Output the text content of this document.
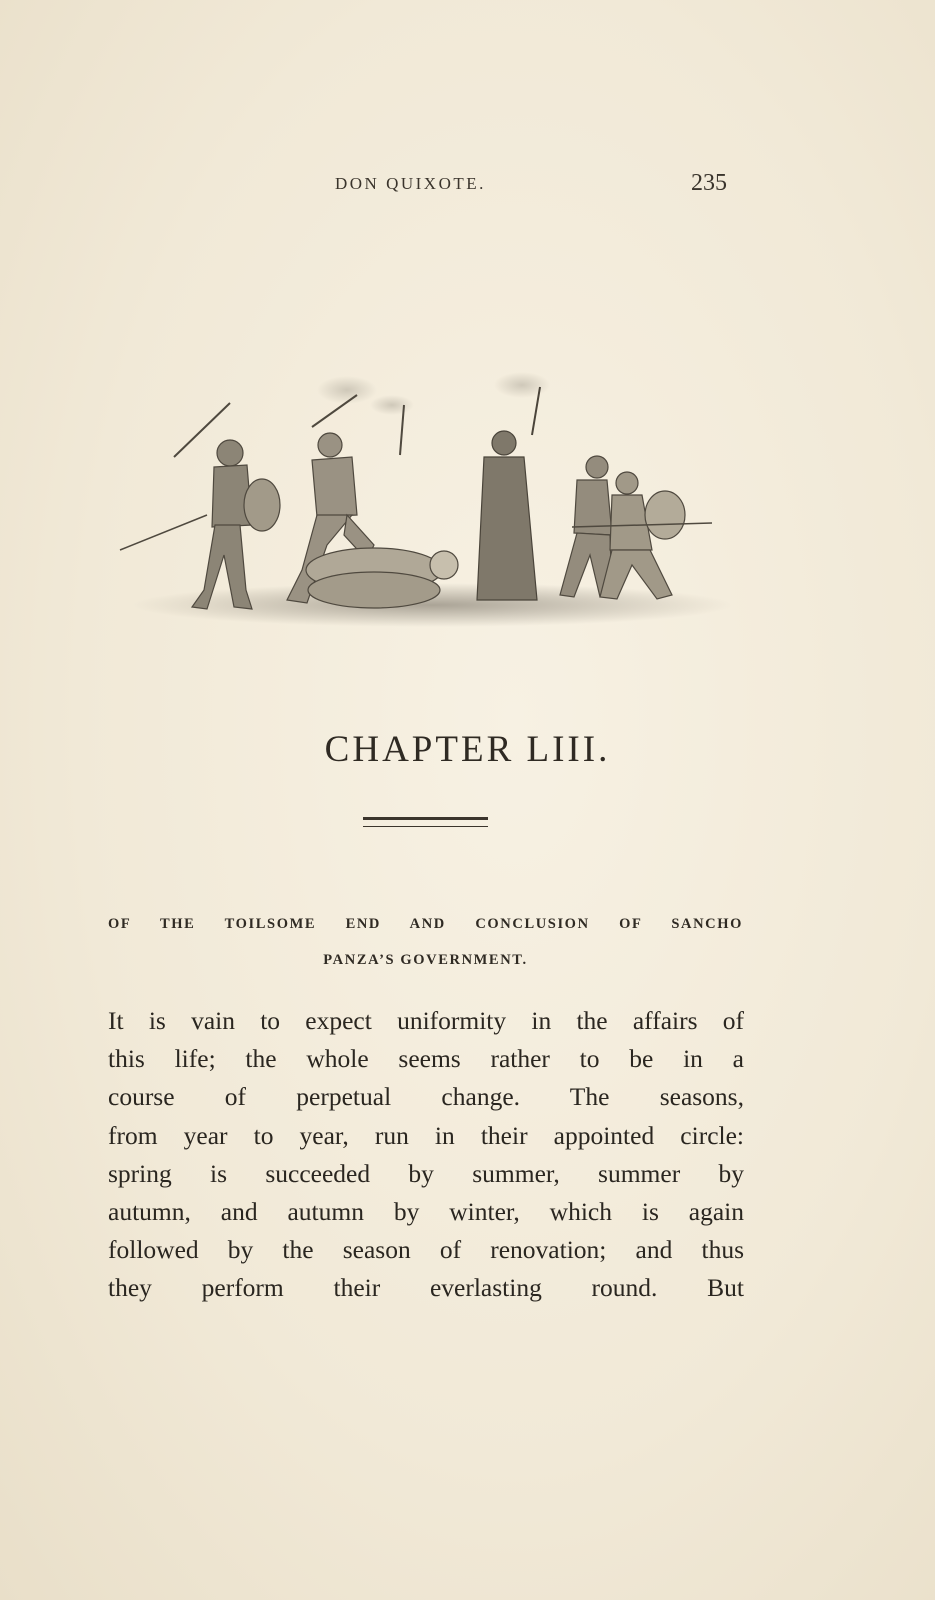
DON QUIXOTE.	235
CHAPTER LIII.
OF THE TOILSOME END AND CONCLUSION OF SANCHO
PANZA’S GOVERNMENT.
It is vain to expect uniformity in the affairs of
this life; the whole seems rather to be in a
course of perpetual change. The seasons,
from year to year, run in their appointed circle:
spring is succeeded by summer, summer by
autumn, and autumn by winter, which is again
followed by the season of renovation; and thus
they perform their everlasting round. But
